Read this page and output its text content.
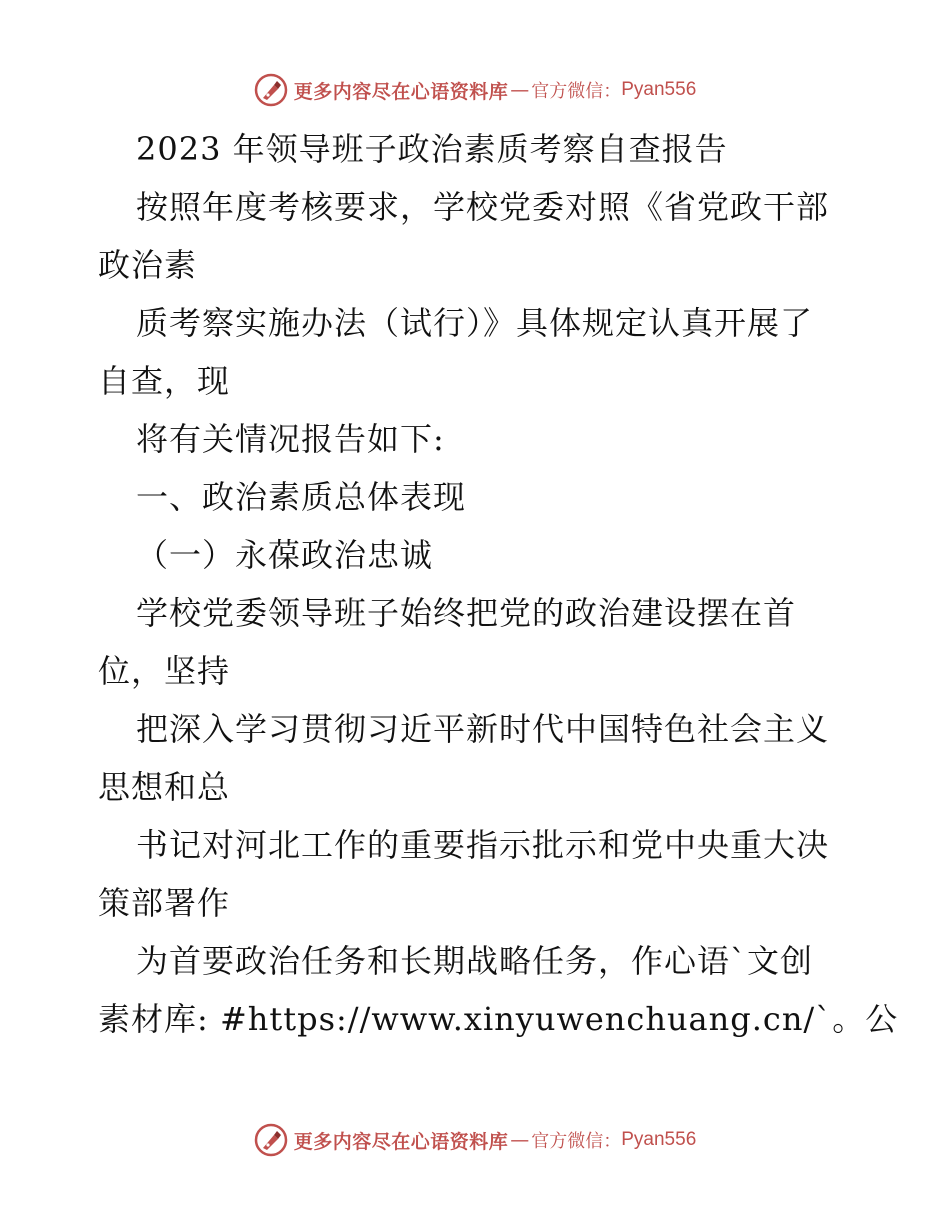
更多内容尽在心语资料库 — 官方微信： Pyan556
2023 年领导班子政治素质考察自查报告
按照年度考核要求，学校党委对照《省党政干部
政治素
质考察实施办法（试行）》具体规定认真开展了
自查，现
将有关情况报告如下:
一、政治素质总体表现
（一）永葆政治忠诚
学校党委领导班子始终把党的政治建设摆在首
位，坚持
把深入学习贯彻习近平新时代中国特色社会主义
思想和总
书记对河北工作的重要指示批示和党中央重大决
策部署作
为首要政治任务和长期战略任务，作心语`文创
素材库: #https://www.xinyuwenchuang.cn/`。公
更多内容尽在心语资料库 — 官方微信： Pyan556
